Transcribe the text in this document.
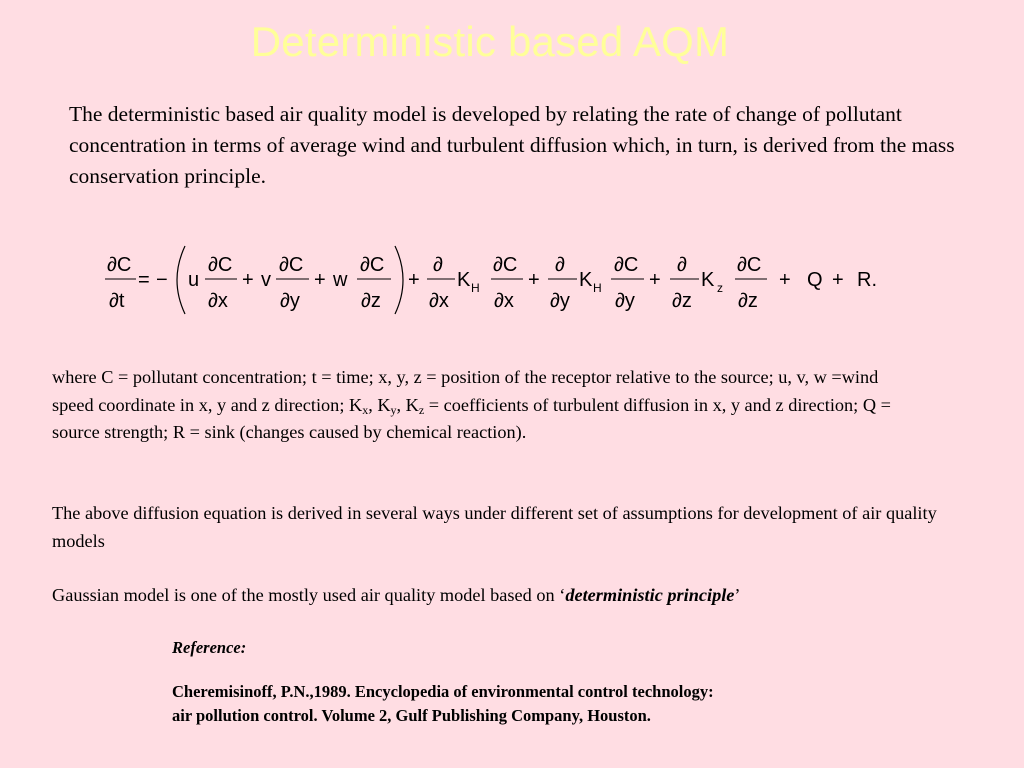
Deterministic based AQM
The deterministic based air quality model is developed by relating the rate of change of pollutant concentration in terms of average wind and turbulent diffusion which, in turn, is derived from the mass conservation principle.
∂C
∂t
= − u
∂C
∂x
+ v
∂C
∂y
+ w
∂C
∂z
+
∂
∂x
K H
∂C
∂x
+
∂
∂y
K H
∂C
∂y
+
∂
∂z
K z
∂C
∂z
+ Q + R.
where C = pollutant concentration; t = time; x, y, z = position of the receptor relative to the source; u, v, w =wind speed coordinate in x, y and z direction; $K_x$, $K_y$, $K_z$ = coefficients of turbulent diffusion in x, y and z direction; Q = source strength; R = sink (changes caused by chemical reaction).
The above diffusion equation is derived in several ways under different set of assumptions for development of air quality models
Gaussian model is one of the mostly used air quality model based on ‘deterministic principle’
Reference:
Cheremisinoff, P.N.,1989. Encyclopedia of environmental control technology:
air pollution control. Volume 2, Gulf Publishing Company, Houston.
